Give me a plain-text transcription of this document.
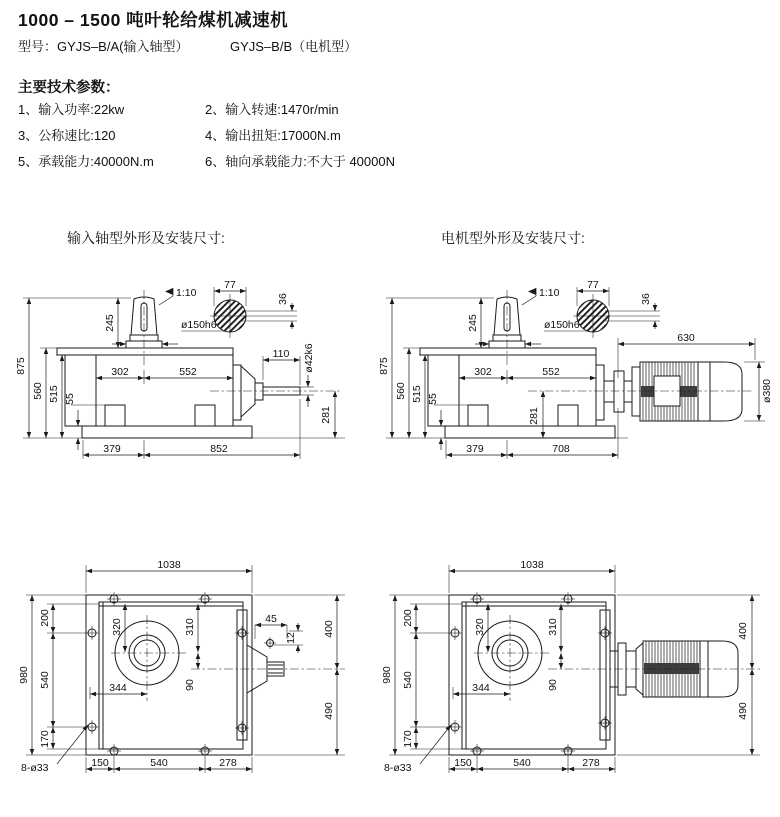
1000 – 1500 吨叶轮给煤机减速机
型号：GYJS–B/A(输入轴型）	GYJS–B/B（电机型）
主要技术参数：
1、输入功率:22kw	2、输入转速:1470r/min
3、公称速比:120	4、输出扭矩:17000N.m
5、承载能力:40000N.m	6、轴向承载能力:不大于 40000N
输入轴型外形及安装尺寸:	电机型外形及安装尺寸:
875
560 515 55
245
1:10
ø150h6
302	552
77
36
110 ø42k6
281
379	852
875
560 515 55
245
1:10
ø150h6
302	552
77
36
630
ø380
281
379	708
1038
980
200
540
170
320	310
344	90
45
12
400
490
8-ø33	150	540	278
1038
980
200
540
170
320	310
344	90
400
490
8-ø33	150	540	278
